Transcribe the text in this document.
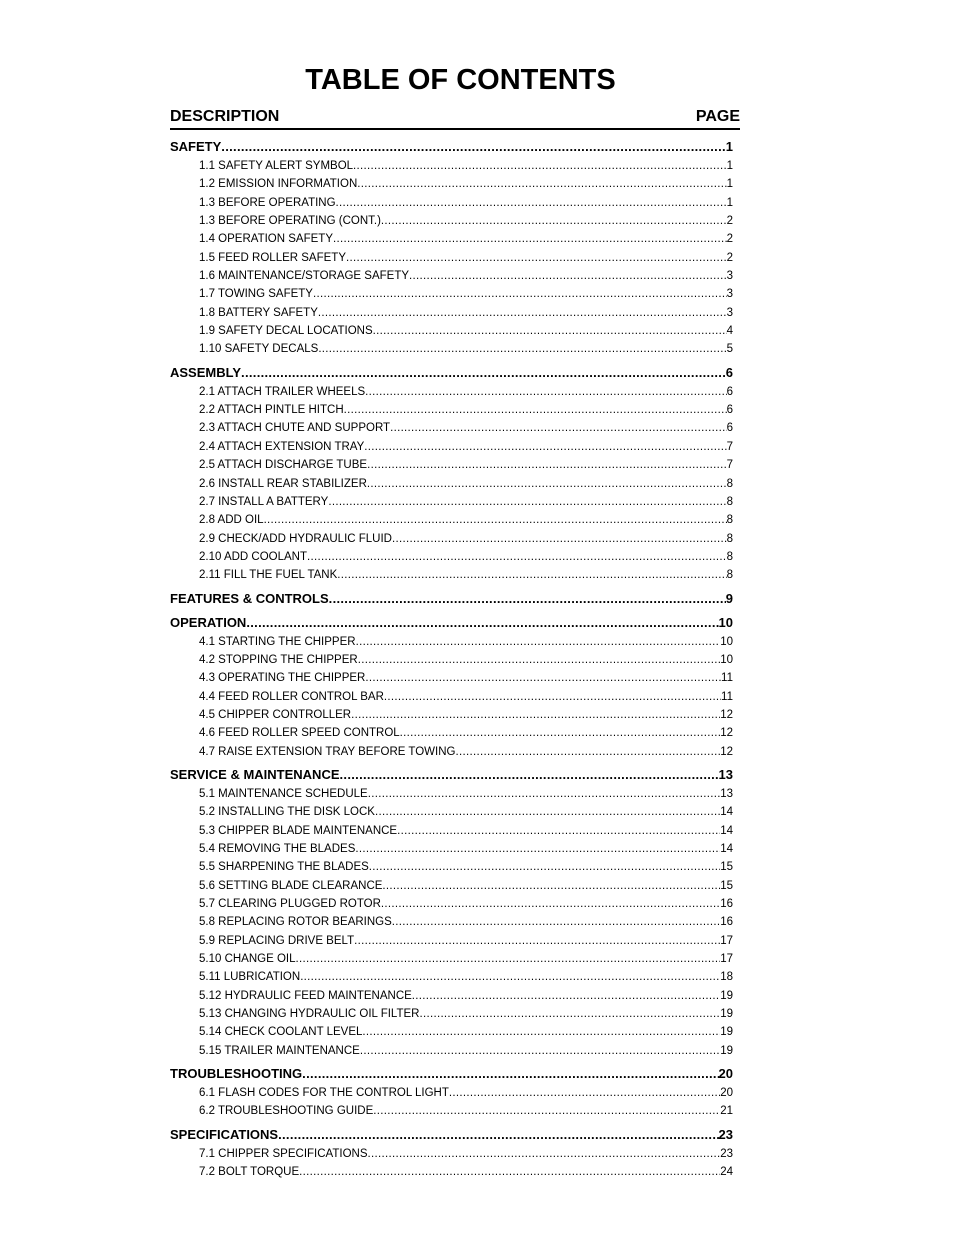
TABLE OF CONTENTS
DESCRIPTION	PAGE
SAFETY .....	1
1.1 SAFETY ALERT SYMBOL .....	1
1.2 EMISSION INFORMATION .....	1
1.3 BEFORE OPERATING .....	1
1.3 BEFORE OPERATING (CONT.) .....	2
1.4 OPERATION SAFETY .....	2
1.5 FEED ROLLER SAFETY .....	2
1.6 MAINTENANCE/STORAGE SAFETY .....	3
1.7 TOWING SAFETY .....	3
1.8 BATTERY SAFETY .....	3
1.9 SAFETY DECAL LOCATIONS .....	4
1.10 SAFETY DECALS .....	5
ASSEMBLY .....	6
2.1 ATTACH TRAILER WHEELS .....	6
2.2 ATTACH PINTLE HITCH .....	6
2.3 ATTACH CHUTE AND SUPPORT .....	6
2.4 ATTACH EXTENSION TRAY .....	7
2.5 ATTACH DISCHARGE TUBE .....	7
2.6 INSTALL REAR STABILIZER .....	8
2.7 INSTALL A BATTERY .....	8
2.8 ADD OIL .....	8
2.9 CHECK/ADD HYDRAULIC FLUID .....	8
2.10 ADD COOLANT .....	8
2.11 FILL THE FUEL TANK .....	8
FEATURES & CONTROLS .....	9
OPERATION .....	10
4.1 STARTING THE CHIPPER .....	10
4.2 STOPPING THE CHIPPER .....	10
4.3 OPERATING THE CHIPPER .....	11
4.4 FEED ROLLER CONTROL BAR .....	11
4.5 CHIPPER CONTROLLER .....	12
4.6 FEED ROLLER SPEED CONTROL .....	12
4.7 RAISE EXTENSION TRAY BEFORE TOWING .....	12
SERVICE & MAINTENANCE .....	13
5.1 MAINTENANCE SCHEDULE .....	13
5.2 INSTALLING THE DISK LOCK .....	14
5.3 CHIPPER BLADE MAINTENANCE .....	14
5.4 REMOVING THE BLADES .....	14
5.5 SHARPENING THE BLADES .....	15
5.6 SETTING BLADE CLEARANCE .....	15
5.7 CLEARING PLUGGED ROTOR .....	16
5.8 REPLACING ROTOR BEARINGS .....	16
5.9 REPLACING DRIVE BELT .....	17
5.10 CHANGE OIL .....	17
5.11 LUBRICATION .....	18
5.12 HYDRAULIC FEED MAINTENANCE .....	19
5.13 CHANGING HYDRAULIC OIL FILTER .....	19
5.14 CHECK COOLANT LEVEL .....	19
5.15 TRAILER MAINTENANCE .....	19
TROUBLESHOOTING .....	20
6.1 FLASH CODES FOR THE CONTROL LIGHT .....	20
6.2 TROUBLESHOOTING GUIDE .....	21
SPECIFICATIONS .....	23
7.1 CHIPPER SPECIFICATIONS .....	23
7.2 BOLT TORQUE .....	24
